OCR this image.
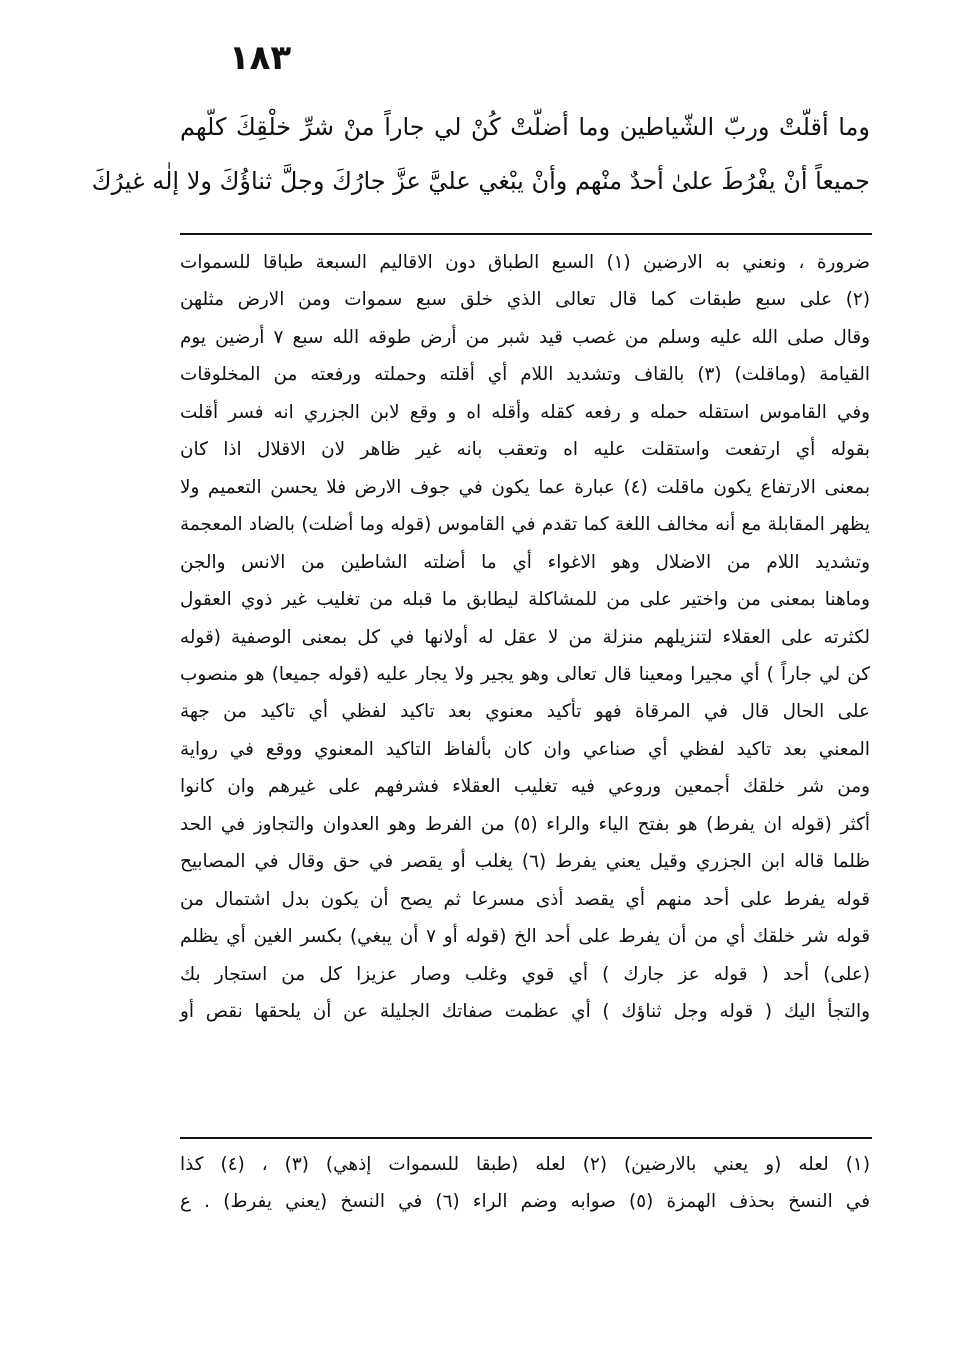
١٨٣
وما أقلّتْ وربّ الشّياطين وما أضلّتْ كُنْ لي جاراً منْ شرِّ خلْقِكَ كلّهم
جميعاً أنْ يفْرُطَ علىٰ أحدٌ منْهم وأنْ يبْغي عليَّ عزَّ جارُكَ وجلَّ ثناؤُكَ ولا إلٰه غيرُكَ
ضرورة ، ونعني به الارضين (١) السبع الطباق دون الاقاليم السبعة طباقا للسموات
(٢) على سبع طبقات كما قال تعالى الذي خلق سبع سموات ومن الارض مثلهن
وقال صلى الله عليه وسلم من غصب قيد شبر من أرض طوقه الله سبع ٧ أرضين يوم
القيامة (وماقلت) (٣) بالقاف وتشديد اللام أي أقلته وحملته ورفعته من المخلوقات
وفي القاموس استقله حمله و رفعه كقله وأقله اه و وقع لابن الجزري انه فسر أقلت
بقوله أي ارتفعت واستقلت عليه اه وتعقب بانه غير ظاهر لان الاقلال اذا كان
بمعنى الارتفاع يكون ماقلت (٤) عبارة عما يكون في جوف الارض فلا يحسن التعميم ولا
يظهر المقابلة مع أنه مخالف اللغة كما تقدم في القاموس (قوله وما أضلت) بالضاد المعجمة
وتشديد اللام من الاضلال وهو الاغواء أي ما أضلته الشاطين من الانس والجن
وماهنا بمعنى من واختير على من للمشاكلة ليطابق ما قبله من تغليب غير ذوي العقول
لكثرته على العقلاء لتنزيلهم منزلة من لا عقل له أولانها في كل بمعنى الوصفية (قوله
كن لي جاراً ) أي مجيرا ومعينا قال تعالى وهو يجير ولا يجار عليه (قوله جميعا) هو منصوب
على الحال قال في المرقاة فهو تأكيد معنوي بعد تاكيد لفظي أي تاكيد من جهة
المعني بعد تاكيد لفظي أي صناعي وان كان بألفاظ التاكيد المعنوي ووقع في رواية
ومن شر خلقك أجمعين وروعي فيه تغليب العقلاء فشرفهم على غيرهم وان كانوا
أكثر (قوله ان يفرط) هو بفتح الياء والراء (٥) من الفرط وهو العدوان والتجاوز في الحد
ظلما قاله ابن الجزري وقيل يعني يفرط (٦) يغلب أو يقصر في حق وقال في المصابيح
قوله يفرط على أحد منهم أي يقصد أذى مسرعا ثم يصح أن يكون بدل اشتمال من
قوله شر خلقك أي من أن يفرط على أحد الخ (قوله أو ٧ أن يبغي) بكسر الغين أي يظلم
(على) أحد ( قوله عز جارك ) أي قوي وغلب وصار عزيزا كل من استجار بك
والتجأ اليك ( قوله وجل ثناؤك ) أي عظمت صفاتك الجليلة عن أن يلحقها نقص أو
(١) لعله (و يعني بالارضين) (٢) لعله (طبقا للسموات إذهي) (٣) ، (٤) كذا
في النسخ بحذف الهمزة (٥) صوابه وضم الراء (٦) في النسخ (يعني يفرط) . ع
